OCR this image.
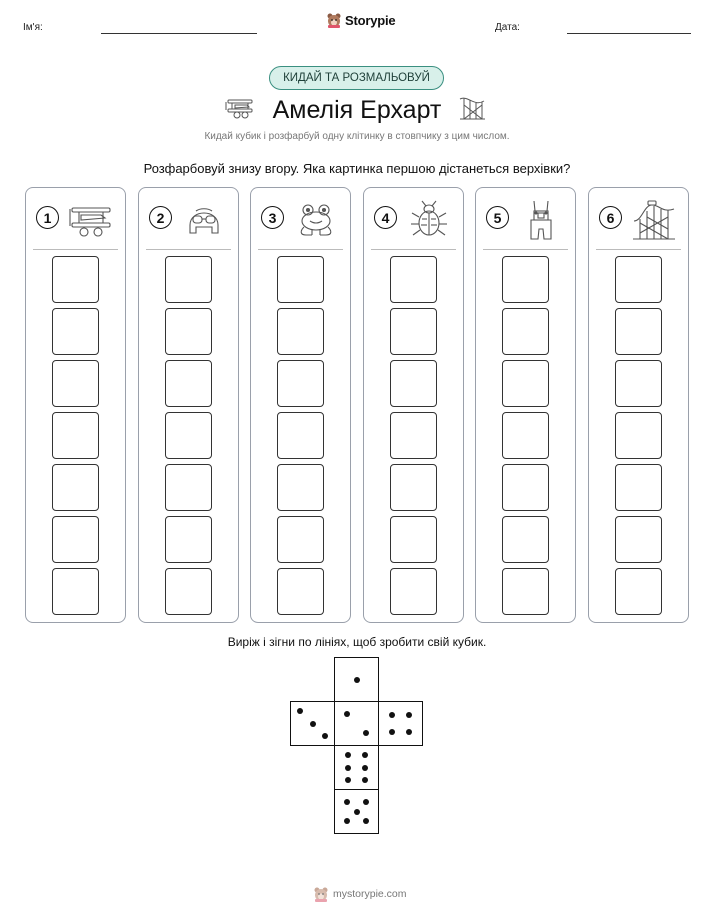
Ім'я:	Storypie	Дата:
КИДАЙ ТА РОЗМАЛЬОВУЙ
Амелія Ерхарт
Кидай кубик і розфарбуй одну клітинку в стовпчику з цим числом.
Розфарбовуй знизу вгору. Яка картинка першою дістанеться верхівки?
1	2	3	4	5	6
Виріж і зігни по лініях, щоб зробити свій кубик.
mystorypie.com
